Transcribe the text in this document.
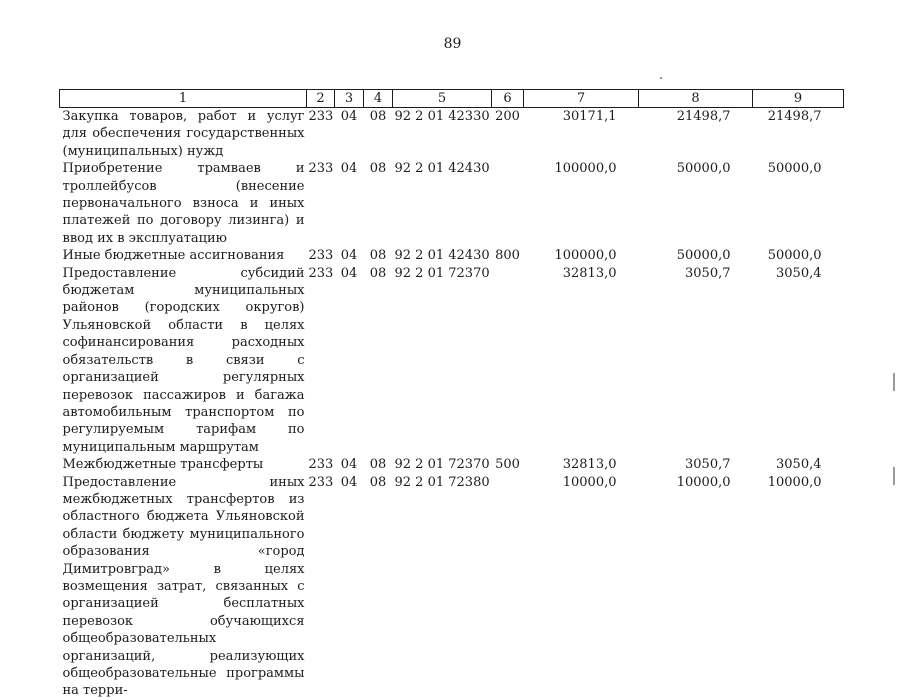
89
1	2	3	4	5	6	7	8	9
Закупка товаров, работ и услуг для обеспечения государственных (муниципальных) нужд	233	04	08	92 2 01 42330	200	30171,1	21498,7	21498,7
Приобретение трамваев и троллейбусов (внесение первоначального взноса и иных платежей по договору лизинга) и ввод их в эксплуатацию	233	04	08	92 2 01 42430		100000,0	50000,0	50000,0
Иные бюджетные ассигнования	233	04	08	92 2 01 42430	800	100000,0	50000,0	50000,0
Предоставление субсидий бюджетам муниципальных районов (городских округов) Ульяновской области в целях софинансирования расходных обязательств в связи с организацией регулярных перевозок пассажиров и багажа автомобильным транспортом по регулируемым тарифам по муниципальным маршрутам	233	04	08	92 2 01 72370		32813,0	3050,7	3050,4
Межбюджетные трансферты	233	04	08	92 2 01 72370	500	32813,0	3050,7	3050,4
Предоставление иных межбюджетных трансфертов из областного бюджета Ульяновской области бюджету муниципального образования «город Димитровград» в целях возмещения затрат, связанных с организацией бесплатных перевозок обучающихся общеобразовательных организаций, реализующих общеобразовательные программы на терри-	233	04	08	92 2 01 72380		10000,0	10000,0	10000,0
